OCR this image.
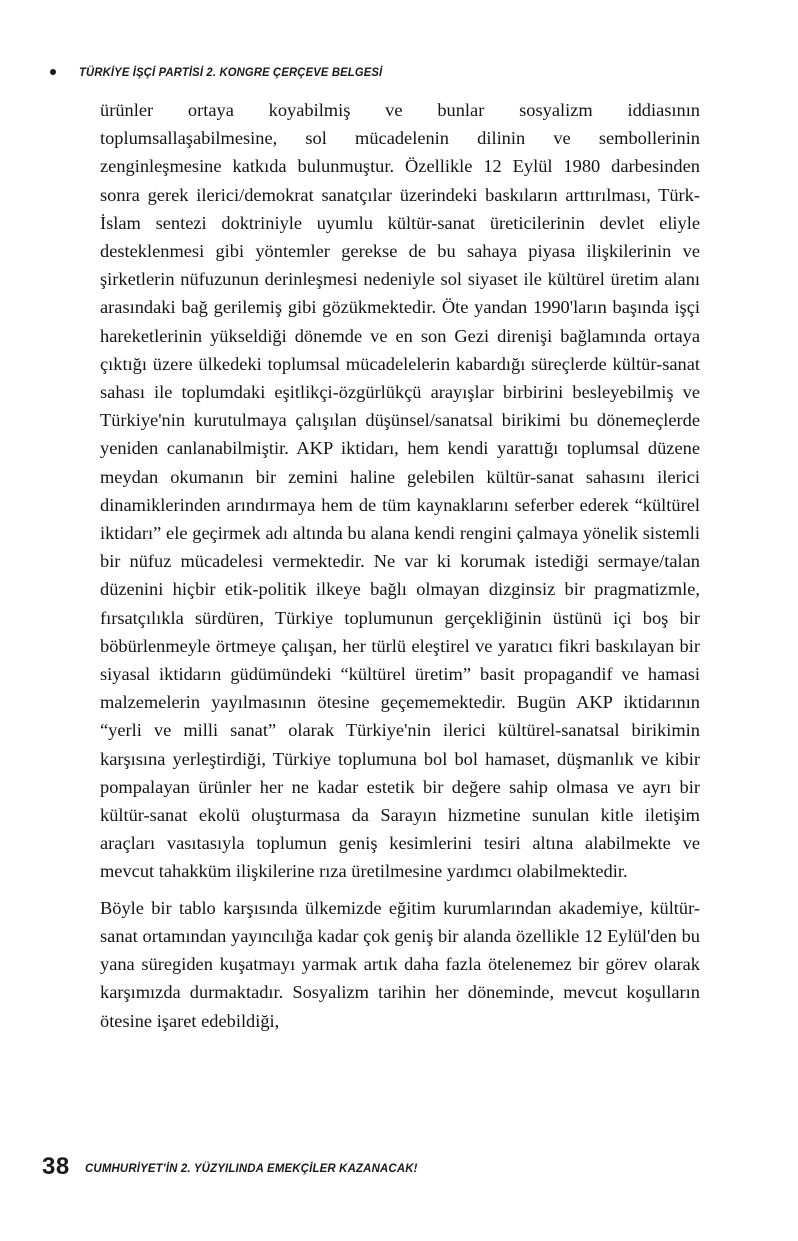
TÜRKİYE İŞÇİ PARTİSİ 2. KONGRE ÇERÇEVE BELGESİ

ürünler ortaya koyabilmiş ve bunlar sosyalizm iddiasının toplumsallaşabilmesine, sol mücadelenin dilinin ve sembollerinin zenginleşmesine katkıda bulunmuştur. Özellikle 12 Eylül 1980 darbesinden sonra gerek ilerici/demokrat sanatçılar üzerindeki baskıların arttırılması, Türk-İslam sentezi doktriniyle uyumlu kültür-sanat üreticilerinin devlet eliyle desteklenmesi gibi yöntemler gerekse de bu sahaya piyasa ilişkilerinin ve şirketlerin nüfuzunun derinleşmesi nedeniyle sol siyaset ile kültürel üretim alanı arasındaki bağ gerilemiş gibi gözükmektedir. Öte yandan 1990'ların başında işçi hareketlerinin yükseldiği dönemde ve en son Gezi direnişi bağlamında ortaya çıktığı üzere ülkedeki toplumsal mücadelelerin kabardığı süreçlerde kültür-sanat sahası ile toplumdaki eşitlikçi-özgürlükçü arayışlar birbirini besleyebilmiş ve Türkiye'nin kurutulmaya çalışılan düşünsel/sanatsal birikimi bu dönemeçlerde yeniden canlanabilmiştir. AKP iktidarı, hem kendi yarattığı toplumsal düzene meydan okumanın bir zemini haline gelebilen kültür-sanat sahasını ilerici dinamiklerinden arındırmaya hem de tüm kaynaklarını seferber ederek “kültürel iktidarı” ele geçirmek adı altında bu alana kendi rengini çalmaya yönelik sistemli bir nüfuz mücadelesi vermektedir. Ne var ki korumak istediği sermaye/talan düzenini hiçbir etik-politik ilkeye bağlı olmayan dizginsiz bir pragmatizmle, fırsatçılıkla sürdüren, Türkiye toplumunun gerçekliğinin üstünü içi boş bir böbürlenmeyle örtmeye çalışan, her türlü eleştirel ve yaratıcı fikri baskılayan bir siyasal iktidarın güdümündeki “kültürel üretim” basit propagandif ve hamasi malzemelerin yayılmasının ötesine geçememektedir. Bugün AKP iktidarının “yerli ve milli sanat” olarak Türkiye'nin ilerici kültürel-sanatsal birikimin karşısına yerleştirdiği, Türkiye toplumuna bol bol hamaset, düşmanlık ve kibir pompalayan ürünler her ne kadar estetik bir değere sahip olmasa ve ayrı bir kültür-sanat ekolü oluşturmasa da Sarayın hizmetine sunulan kitle iletişim araçları vasıtasıyla toplumun geniş kesimlerini tesiri altına alabilmekte ve mevcut tahakküm ilişkilerine rıza üretilmesine yardımcı olabilmektedir.

Böyle bir tablo karşısında ülkemizde eğitim kurumlarından akademiye, kültür-sanat ortamından yayıncılığa kadar çok geniş bir alanda özellikle 12 Eylül'den bu yana süregiden kuşatmayı yarmak artık daha fazla ötelenemez bir görev olarak karşımızda durmaktadır. Sosyalizm tarihin her döneminde, mevcut koşulların ötesine işaret edebildiği,

38 CUMHURİYET'İN 2. YÜZYILINDA EMEKÇİLER KAZANACAK!
